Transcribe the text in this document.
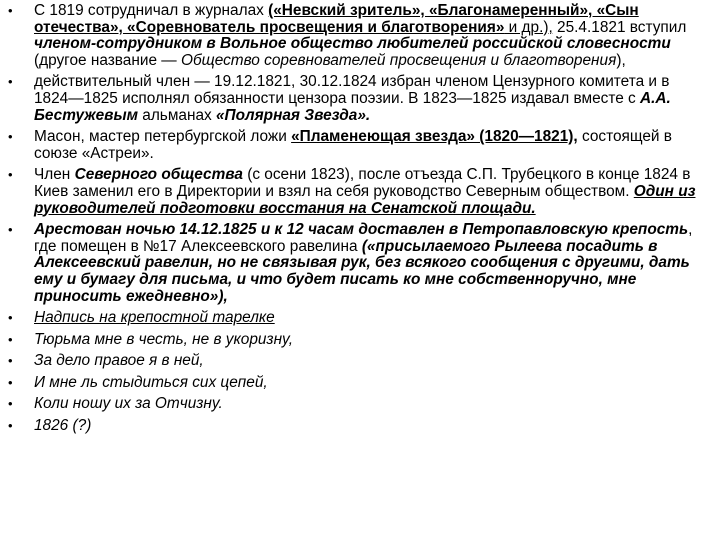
• С 1819 сотрудничал в журналах («Невский зритель», «Благонамеренный», «Сын отечества», «Соревнователь просвещения и благотворения» и др.), 25.4.1821 вступил членом-сотрудником в Вольное общество любителей российской словесности (другое название — Общество соревнователей просвещения и благотворения),
• действительный член — 19.12.1821, 30.12.1824 избран членом Цензурного комитета и в 1824—1825 исполнял обязанности цензора поэзии. В 1823—1825 издавал вместе с А.А. Бестужевым альманах «Полярная Звезда».
• Масон, мастер петербургской ложи «Пламенеющая звезда» (1820—1821), состоящей в союзе «Астреи».
• Член Северного общества (с осени 1823), после отъезда С.П. Трубецкого в конце 1824 в Киев заменил его в Директории и взял на себя руководство Северным обществом. Один из руководителей подготовки восстания на Сенатской площади.
• Арестован ночью 14.12.1825 и к 12 часам доставлен в Петропавловскую крепость, где помещен в №17 Алексеевского равелина («присылаемого Рылеева посадить в Алексеевский равелин, но не связывая рук, без всякого сообщения с другими, дать ему и бумагу для письма, и что будет писать ко мне собственноручно, мне приносить ежедневно»),
• Надпись на крепостной тарелке
• Тюрьма мне в честь, не в укоризну,
• За дело правое я в ней,
• И мне ль стыдиться сих цепей,
• Коли ношу их за Отчизну.
• 1826 (?)
